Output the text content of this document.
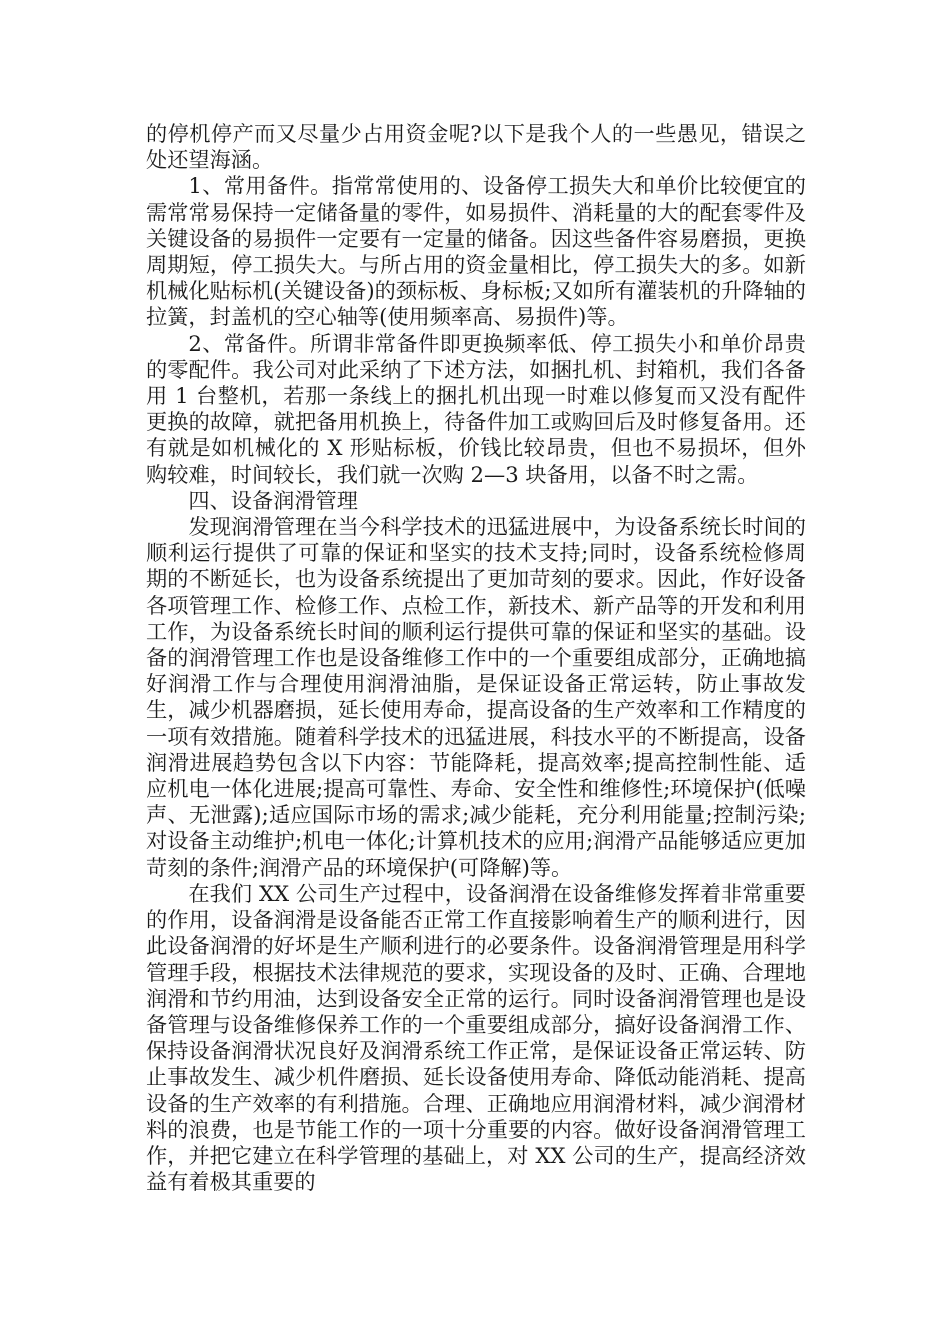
的停机停产而又尽量少占用资金呢?以下是我个人的一些愚见，错误之处还望海涵。

1、常用备件。指常常使用的、设备停工损失大和单价比较便宜的需常常易保持一定储备量的零件，如易损件、消耗量的大的配套零件及关键设备的易损件一定要有一定量的储备。因这些备件容易磨损，更换周期短，停工损失大。与所占用的资金量相比，停工损失大的多。如新机械化贴标机(关键设备)的颈标板、身标板;又如所有灌装机的升降轴的拉簧，封盖机的空心轴等(使用频率高、易损件)等。

2、常备件。所谓非常备件即更换频率低、停工损失小和单价昂贵的零配件。我公司对此采纳了下述方法，如捆扎机、封箱机，我们各备用 1 台整机，若那一条线上的捆扎机出现一时难以修复而又没有配件更换的故障，就把备用机换上，待备件加工或购回后及时修复备用。还有就是如机械化的 X 形贴标板，价钱比较昂贵，但也不易损坏，但外购较难，时间较长，我们就一次购 2—3 块备用，以备不时之需。

四、设备润滑管理

发现润滑管理在当今科学技术的迅猛进展中，为设备系统长时间的顺利运行提供了可靠的保证和坚实的技术支持;同时，设备系统检修周期的不断延长，也为设备系统提出了更加苛刻的要求。因此，作好设备各项管理工作、检修工作、点检工作，新技术、新产品等的开发和利用工作，为设备系统长时间的顺利运行提供可靠的保证和坚实的基础。设备的润滑管理工作也是设备维修工作中的一个重要组成部分，正确地搞好润滑工作与合理使用润滑油脂，是保证设备正常运转，防止事故发生，减少机器磨损，延长使用寿命，提高设备的生产效率和工作精度的一项有效措施。随着科学技术的迅猛进展，科技水平的不断提高，设备润滑进展趋势包含以下内容：节能降耗，提高效率;提高控制性能、适应机电一体化进展;提高可靠性、寿命、安全性和维修性;环境保护(低噪声、无泄露);适应国际市场的需求;减少能耗，充分利用能量;控制污染;对设备主动维护;机电一体化;计算机技术的应用;润滑产品能够适应更加苛刻的条件;润滑产品的环境保护(可降解)等。

在我们 XX 公司生产过程中，设备润滑在设备维修发挥着非常重要的作用，设备润滑是设备能否正常工作直接影响着生产的顺利进行，因此设备润滑的好坏是生产顺利进行的必要条件。设备润滑管理是用科学管理手段，根据技术法律规范的要求，实现设备的及时、正确、合理地润滑和节约用油，达到设备安全正常的运行。同时设备润滑管理也是设备管理与设备维修保养工作的一个重要组成部分，搞好设备润滑工作、保持设备润滑状况良好及润滑系统工作正常，是保证设备正常运转、防止事故发生、减少机件磨损、延长设备使用寿命、降低动能消耗、提高设备的生产效率的有利措施。合理、正确地应用润滑材料，减少润滑材料的浪费，也是节能工作的一项十分重要的内容。做好设备润滑管理工作，并把它建立在科学管理的基础上，对 XX 公司的生产，提高经济效益有着极其重要的
